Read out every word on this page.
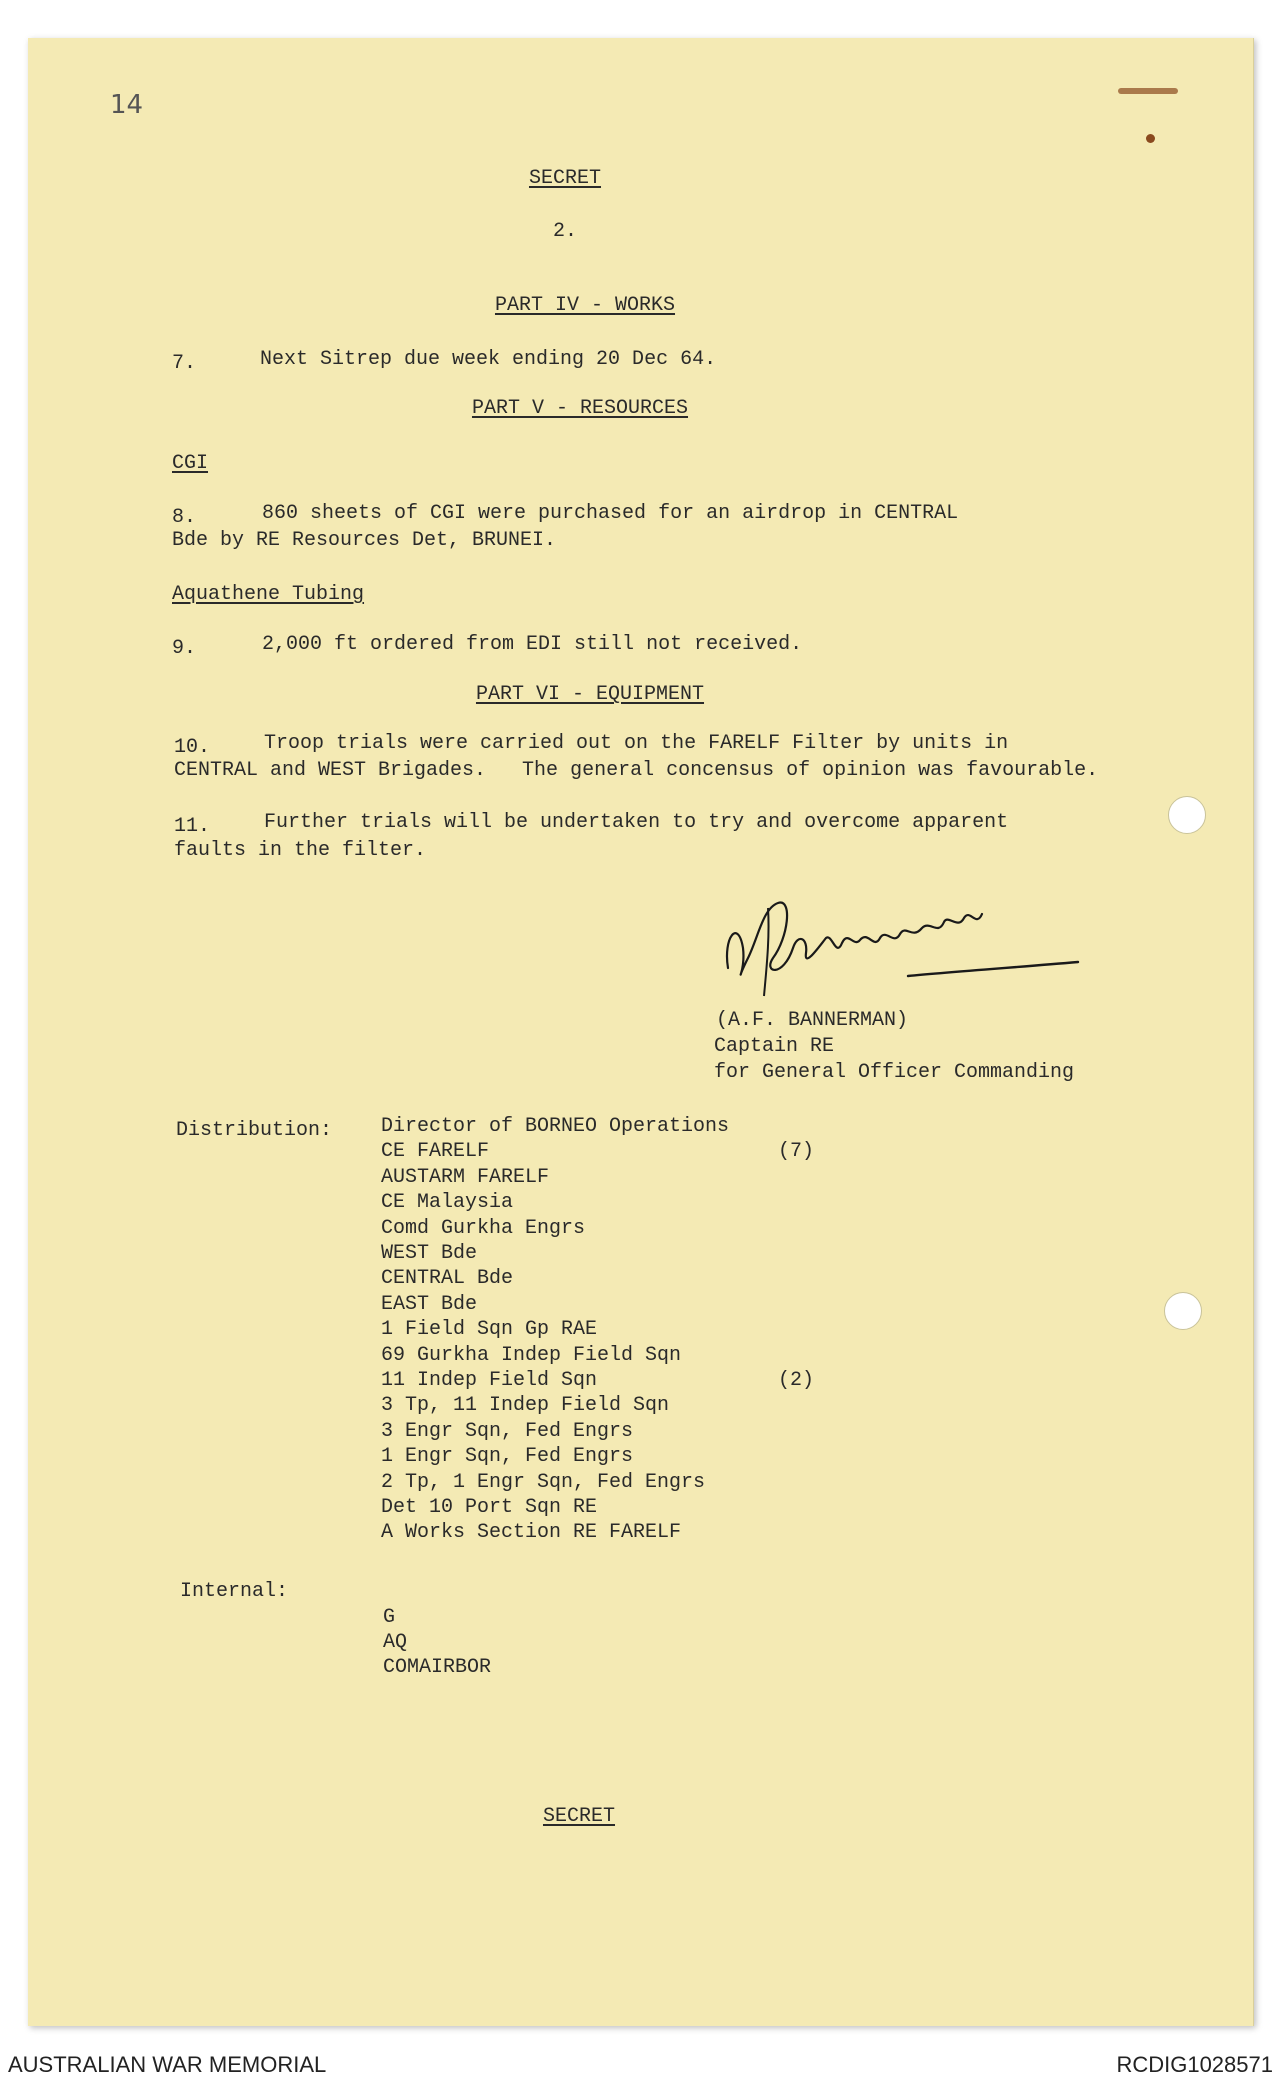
14
SECRET
2.
PART IV - WORKS
7.	Next Sitrep due week ending 20 Dec 64.
PART V - RESOURCES
CGI
8.	860 sheets of CGI were purchased for an airdrop in CENTRAL
Bde by RE Resources Det, BRUNEI.
Aquathene Tubing
9.	2,000 ft ordered from EDI still not received.
PART VI - EQUIPMENT
10.	Troop trials were carried out on the FARELF Filter by units in
CENTRAL and WEST Brigades.   The general concensus of opinion was favourable.
11.	Further trials will be undertaken to try and overcome apparent
faults in the filter.
(A.F. BANNERMAN)
Captain RE
for General Officer Commanding
Distribution: Director of BORNEO Operations
CE FARELF	(7)
AUSTARM FARELF
CE Malaysia
Comd Gurkha Engrs
WEST Bde
CENTRAL Bde
EAST Bde
1 Field Sqn Gp RAE
69 Gurkha Indep Field Sqn
11 Indep Field Sqn	(2)
3 Tp, 11 Indep Field Sqn
3 Engr Sqn, Fed Engrs
1 Engr Sqn, Fed Engrs
2 Tp, 1 Engr Sqn, Fed Engrs
Det 10 Port Sqn RE
A Works Section RE FARELF
Internal:
G
AQ
COMAIRBOR
SECRET
AUSTRALIAN WAR MEMORIAL	RCDIG1028571
